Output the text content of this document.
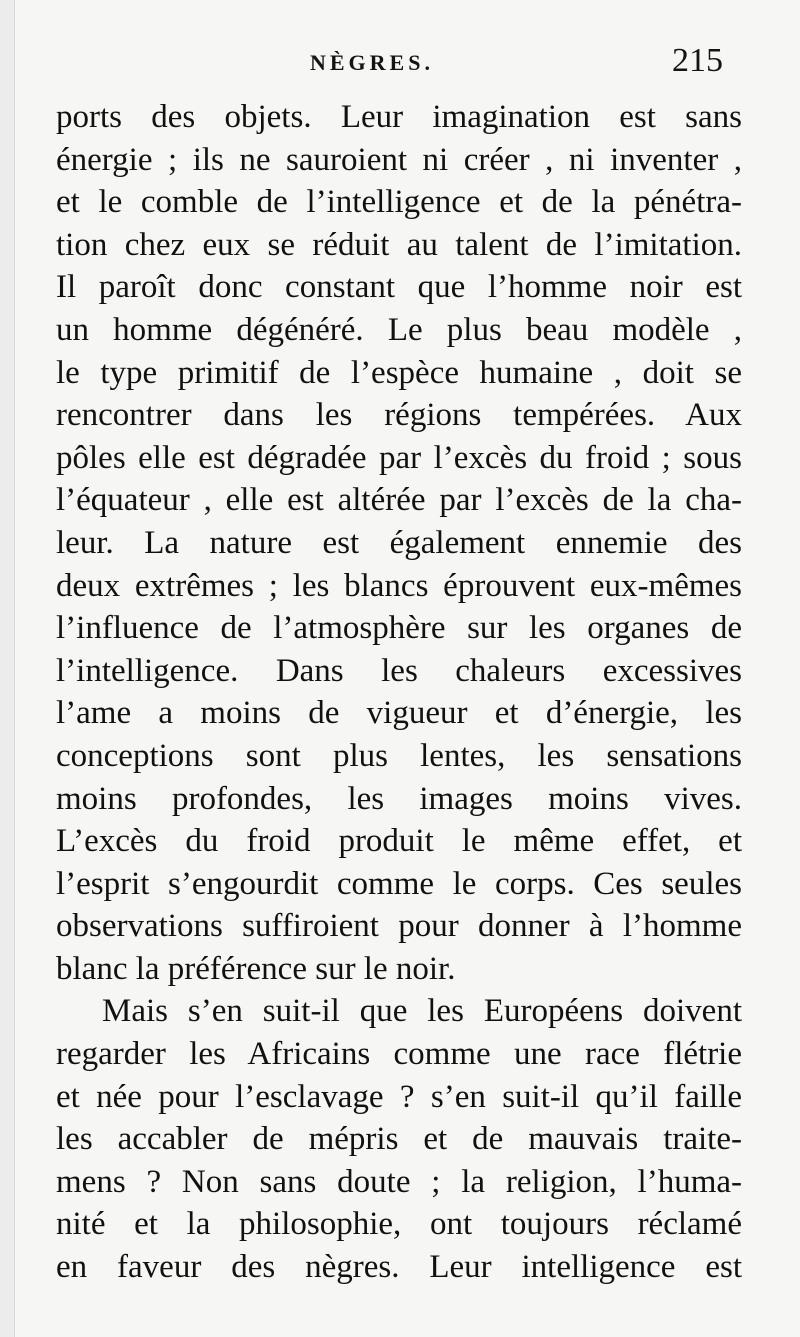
NÈGRES.	215
ports des objets. Leur imagination est sans
énergie ; ils ne sauroient ni créer , ni inventer ,
et le comble de l’intelligence et de la pénétra-
tion chez eux se réduit au talent de l’imitation.
Il paroît donc constant que l’homme noir est
un homme dégénéré. Le plus beau modèle ,
le type primitif de l’espèce humaine , doit se
rencontrer dans les régions tempérées. Aux
pôles elle est dégradée par l’excès du froid ; sous
l’équateur , elle est altérée par l’excès de la cha-
leur. La nature est également ennemie des
deux extrêmes ; les blancs éprouvent eux-mêmes
l’influence de l’atmosphère sur les organes de
l’intelligence. Dans les chaleurs excessives
l’ame a moins de vigueur et d’énergie, les
conceptions sont plus lentes, les sensations
moins profondes, les images moins vives.
L’excès du froid produit le même effet, et
l’esprit s’engourdit comme le corps. Ces seules
observations suffiroient pour donner à l’homme
blanc la préférence sur le noir.
Mais s’en suit-il que les Européens doivent
regarder les Africains comme une race flétrie
et née pour l’esclavage ? s’en suit-il qu’il faille
les accabler de mépris et de mauvais traite-
mens ? Non sans doute ; la religion, l’huma-
nité et la philosophie, ont toujours réclamé
en faveur des nègres. Leur intelligence est
